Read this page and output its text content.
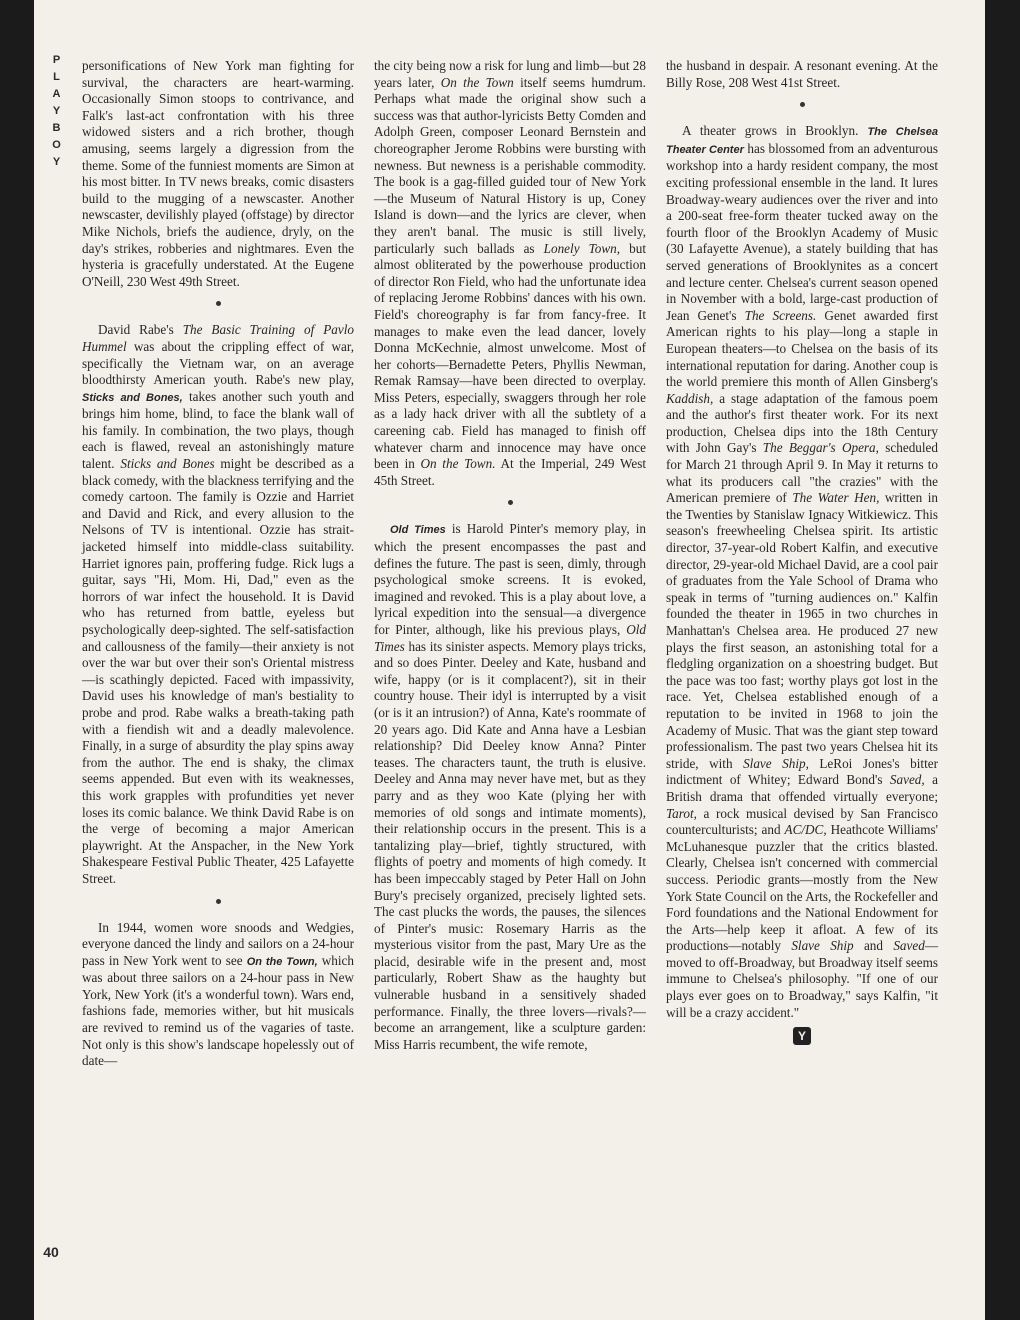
P
L
A
Y
B
O
Y
40

personifications of New York man fighting for survival, the characters are heart-warming. Occasionally Simon stoops to contrivance, and Falk's last-act confrontation with his three widowed sisters and a rich brother, though amusing, seems largely a digression from the theme. Some of the funniest moments are Simon at his most bitter. In TV news breaks, comic disasters build to the mugging of a newscaster. Another newscaster, devilishly played (offstage) by director Mike Nichols, briefs the audience, dryly, on the day's strikes, robberies and nightmares. Even the hysteria is gracefully understated. At the Eugene O'Neill, 230 West 49th Street.

David Rabe's The Basic Training of Pavlo Hummel was about the crippling effect of war, specifically the Vietnam war, on an average bloodthirsty American youth. Rabe's new play, Sticks and Bones, takes another such youth and brings him home, blind, to face the blank wall of his family. In combination, the two plays, though each is flawed, reveal an astonishingly mature talent. Sticks and Bones might be described as a black comedy, with the blackness terrifying and the comedy cartoon. The family is Ozzie and Harriet and David and Rick, and every allusion to the Nelsons of TV is intentional. Ozzie has strait-jacketed himself into middle-class suitability. Harriet ignores pain, proffering fudge. Rick lugs a guitar, says "Hi, Mom. Hi, Dad," even as the horrors of war infect the household. It is David who has returned from battle, eyeless but psychologically deep-sighted. The self-satisfaction and callousness of the family—their anxiety is not over the war but over their son's Oriental mistress—is scathingly depicted. Faced with impassivity, David uses his knowledge of man's bestiality to probe and prod. Rabe walks a breath-taking path with a fiendish wit and a deadly malevolence. Finally, in a surge of absurdity the play spins away from the author. The end is shaky, the climax seems appended. But even with its weaknesses, this work grapples with profundities yet never loses its comic balance. We think David Rabe is on the verge of becoming a major American playwright. At the Anspacher, in the New York Shakespeare Festival Public Theater, 425 Lafayette Street.

In 1944, women wore snoods and Wedgies, everyone danced the lindy and sailors on a 24-hour pass in New York went to see On the Town, which was about three sailors on a 24-hour pass in New York, New York (it's a wonderful town). Wars end, fashions fade, memories wither, but hit musicals are revived to remind us of the vagaries of taste. Not only is this show's landscape hopelessly out of date—

the city being now a risk for lung and limb—but 28 years later, On the Town itself seems humdrum. Perhaps what made the original show such a success was that author-lyricists Betty Comden and Adolph Green, composer Leonard Bernstein and choreographer Jerome Robbins were bursting with newness. But newness is a perishable commodity. The book is a gag-filled guided tour of New York—the Museum of Natural History is up, Coney Island is down—and the lyrics are clever, when they aren't banal. The music is still lively, particularly such ballads as Lonely Town, but almost obliterated by the powerhouse production of director Ron Field, who had the unfortunate idea of replacing Jerome Robbins' dances with his own. Field's choreography is far from fancy-free. It manages to make even the lead dancer, lovely Donna McKechnie, almost unwelcome. Most of her cohorts—Bernadette Peters, Phyllis Newman, Remak Ramsay—have been directed to overplay. Miss Peters, especially, swaggers through her role as a lady hack driver with all the subtlety of a careening cab. Field has managed to finish off whatever charm and innocence may have once been in On the Town. At the Imperial, 249 West 45th Street.

Old Times is Harold Pinter's memory play, in which the present encompasses the past and defines the future. The past is seen, dimly, through psychological smoke screens. It is evoked, imagined and revoked. This is a play about love, a lyrical expedition into the sensual—a divergence for Pinter, although, like his previous plays, Old Times has its sinister aspects. Memory plays tricks, and so does Pinter. Deeley and Kate, husband and wife, happy (or is it complacent?), sit in their country house. Their idyl is interrupted by a visit (or is it an intrusion?) of Anna, Kate's roommate of 20 years ago. Did Kate and Anna have a Lesbian relationship? Did Deeley know Anna? Pinter teases. The characters taunt, the truth is elusive. Deeley and Anna may never have met, but as they parry and as they woo Kate (plying her with memories of old songs and intimate moments), their relationship occurs in the present. This is a tantalizing play—brief, tightly structured, with flights of poetry and moments of high comedy. It has been impeccably staged by Peter Hall on John Bury's precisely organized, precisely lighted sets. The cast plucks the words, the pauses, the silences of Pinter's music: Rosemary Harris as the mysterious visitor from the past, Mary Ure as the placid, desirable wife in the present and, most particularly, Robert Shaw as the haughty but vulnerable husband in a sensitively shaded performance. Finally, the three lovers—rivals?—become an arrangement, like a sculpture garden: Miss Harris recumbent, the wife remote,

the husband in despair. A resonant evening. At the Billy Rose, 208 West 41st Street.

A theater grows in Brooklyn. The Chelsea Theater Center has blossomed from an adventurous workshop into a hardy resident company, the most exciting professional ensemble in the land. It lures Broadway-weary audiences over the river and into a 200-seat free-form theater tucked away on the fourth floor of the Brooklyn Academy of Music (30 Lafayette Avenue), a stately building that has served generations of Brooklynites as a concert and lecture center. Chelsea's current season opened in November with a bold, large-cast production of Jean Genet's The Screens. Genet awarded first American rights to his play—long a staple in European theaters—to Chelsea on the basis of its international reputation for daring. Another coup is the world premiere this month of Allen Ginsberg's Kaddish, a stage adaptation of the famous poem and the author's first theater work. For its next production, Chelsea dips into the 18th Century with John Gay's The Beggar's Opera, scheduled for March 21 through April 9. In May it returns to what its producers call "the crazies" with the American premiere of The Water Hen, written in the Twenties by Stanislaw Ignacy Witkiewicz. This season's freewheeling Chelsea spirit. Its artistic director, 37-year-old Robert Kalfin, and executive director, 29-year-old Michael David, are a cool pair of graduates from the Yale School of Drama who speak in terms of "turning audiences on." Kalfin founded the theater in 1965 in two churches in Manhattan's Chelsea area. He produced 27 new plays the first season, an astonishing total for a fledgling organization on a shoestring budget. But the pace was too fast; worthy plays got lost in the race. Yet, Chelsea established enough of a reputation to be invited in 1968 to join the Academy of Music. That was the giant step toward professionalism. The past two years Chelsea hit its stride, with Slave Ship, LeRoi Jones's bitter indictment of Whitey; Edward Bond's Saved, a British drama that offended virtually everyone; Tarot, a rock musical devised by San Francisco counterculturists; and AC/DC, Heathcote Williams' McLuhanesque puzzler that the critics blasted. Clearly, Chelsea isn't concerned with commercial success. Periodic grants—mostly from the New York State Council on the Arts, the Rockefeller and Ford foundations and the National Endowment for the Arts—help keep it afloat. A few of its productions—notably Slave Ship and Saved—moved to off-Broadway, but Broadway itself seems immune to Chelsea's philosophy. "If one of our plays ever goes on to Broadway," says Kalfin, "it will be a crazy accident."

Y
